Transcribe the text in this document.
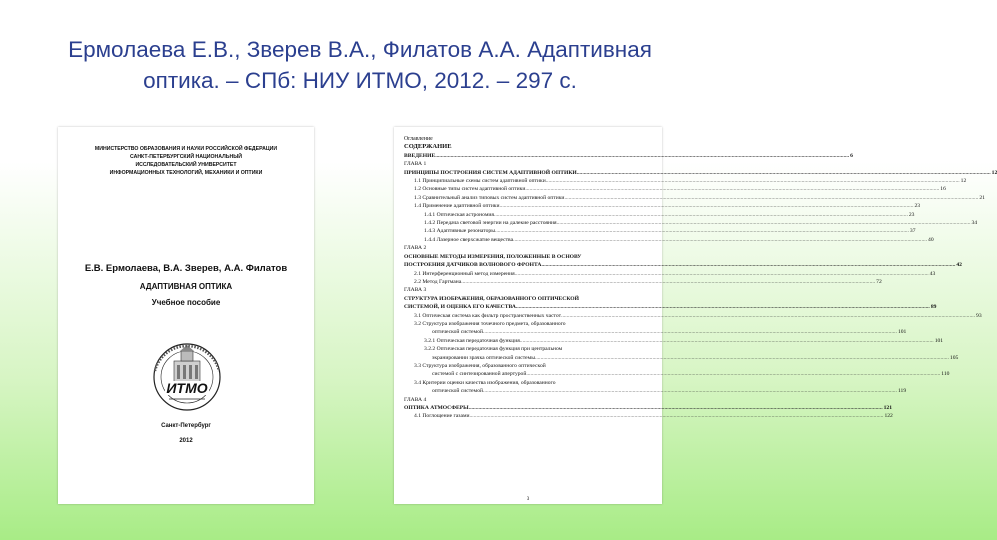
Ермолаева Е.В., Зверев В.А., Филатов А.А. Адаптивная
оптика. – СПб: НИУ ИТМО, 2012. – 297 с.
МИНИСТЕРСТВО ОБРАЗОВАНИЯ И НАУКИ РОССИЙСКОЙ ФЕДЕРАЦИИ
САНКТ-ПЕТЕРБУРГСКИЙ НАЦИОНАЛЬНЫЙ
ИССЛЕДОВАТЕЛЬСКИЙ УНИВЕРСИТЕТ
ИНФОРМАЦИОННЫХ ТЕХНОЛОГИЙ, МЕХАНИКИ И ОПТИКИ
Е.В. Ермолаева, В.А. Зверев, А.А. Филатов
АДАПТИВНАЯ ОПТИКА
Учебное пособие
ИТМО
Санкт-Петербург
2012
Оглавление
СОДЕРЖАНИЕ
ВВЕДЕНИЕ .....	6
ГЛАВА 1
ПРИНЦИПЫ ПОСТРОЕНИЯ СИСТЕМ АДАПТИВНОЙ ОПТИКИ .....	12
1.1 Принципиальные схемы систем адаптивной оптики .....	12
1.2 Основные типы систем адаптивной оптики .....	16
1.3 Сравнительный анализ типовых систем адаптивной оптики .....	21
1.4 Применение адаптивной оптики .....	23
1.4.1 Оптическая астрономия .....	23
1.4.2 Передача световой энергии на далекие расстояния .....	34
1.4.3 Адаптивные резонаторы .....	37
1.4.4 Лазерное сверхсжатие вещества .....	40
ГЛАВА 2
ОСНОВНЫЕ МЕТОДЫ ИЗМЕРЕНИЯ, ПОЛОЖЕННЫЕ В ОСНОВУ
ПОСТРОЕНИЯ ДАТЧИКОВ ВОЛНОВОГО ФРОНТА .....	42
2.1 Интерференционный метод измерения .....	43
2.2 Метод Гартмана .....	72
ГЛАВА 3
СТРУКТУРА ИЗОБРАЖЕНИЯ, ОБРАЗОВАННОГО ОПТИЧЕСКОЙ
СИСТЕМОЙ, И ОЦЕНКА ЕГО КАЧЕСТВА .....	89
3.1 Оптическая система как фильтр пространственных частот .....	93
3.2 Структура изображения точечного предмета, образованного
оптической системой .....	101
3.2.1 Оптическая передаточная функция .....	101
3.2.2 Оптическая передаточная функция при центральном
экранировании зрачка оптической системы .....	105
3.3 Структура изображения, образованного оптической
системой с синтезированной апертурой .....	110
3.4 Критерии оценки качества изображения, образованного
оптической системой .....	119
ГЛАВА 4
ОПТИКА АТМОСФЕРЫ .....	121
4.1 Поглощение газами .....	122
3
